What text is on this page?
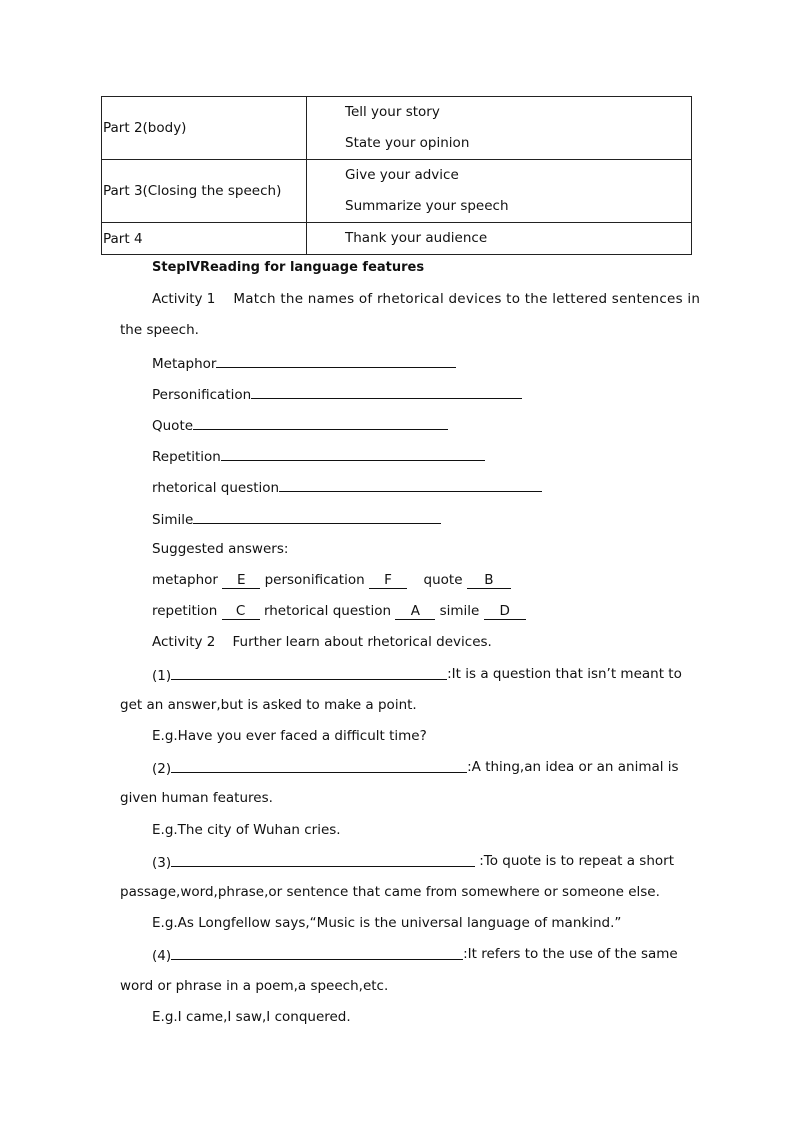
Part 2(body)	Tell your story
State your opinion

Part 3(Closing the speech)	Give your advice
Summarize your speech

Part 4	Thank your audience
StepⅣReading for language features
Activity 1 Match the names of rhetorical devices to the lettered sentences in
the speech.
Metaphor
Personification
Quote
Repetition
rhetorical question
Simile
Suggested answers:
metaphor E personification F quote B
repetition C rhetorical question A simile D
Activity 2    Further learn about rhetorical devices.
(1)	:It is a question that isn’t meant to
get an answer,but is asked to make a point.
E.g.Have you ever faced a difficult time?
(2)	:A thing,an idea or an animal is
given human features.
E.g.The city of Wuhan cries.
(3)	:To quote is to repeat a short
passage,word,phrase,or sentence that came from somewhere or someone else.
E.g.As Longfellow says,“Music is the universal language of mankind.”
(4)	:It refers to the use of the same
word or phrase in a poem,a speech,etc.
E.g.I came,I saw,I conquered.
